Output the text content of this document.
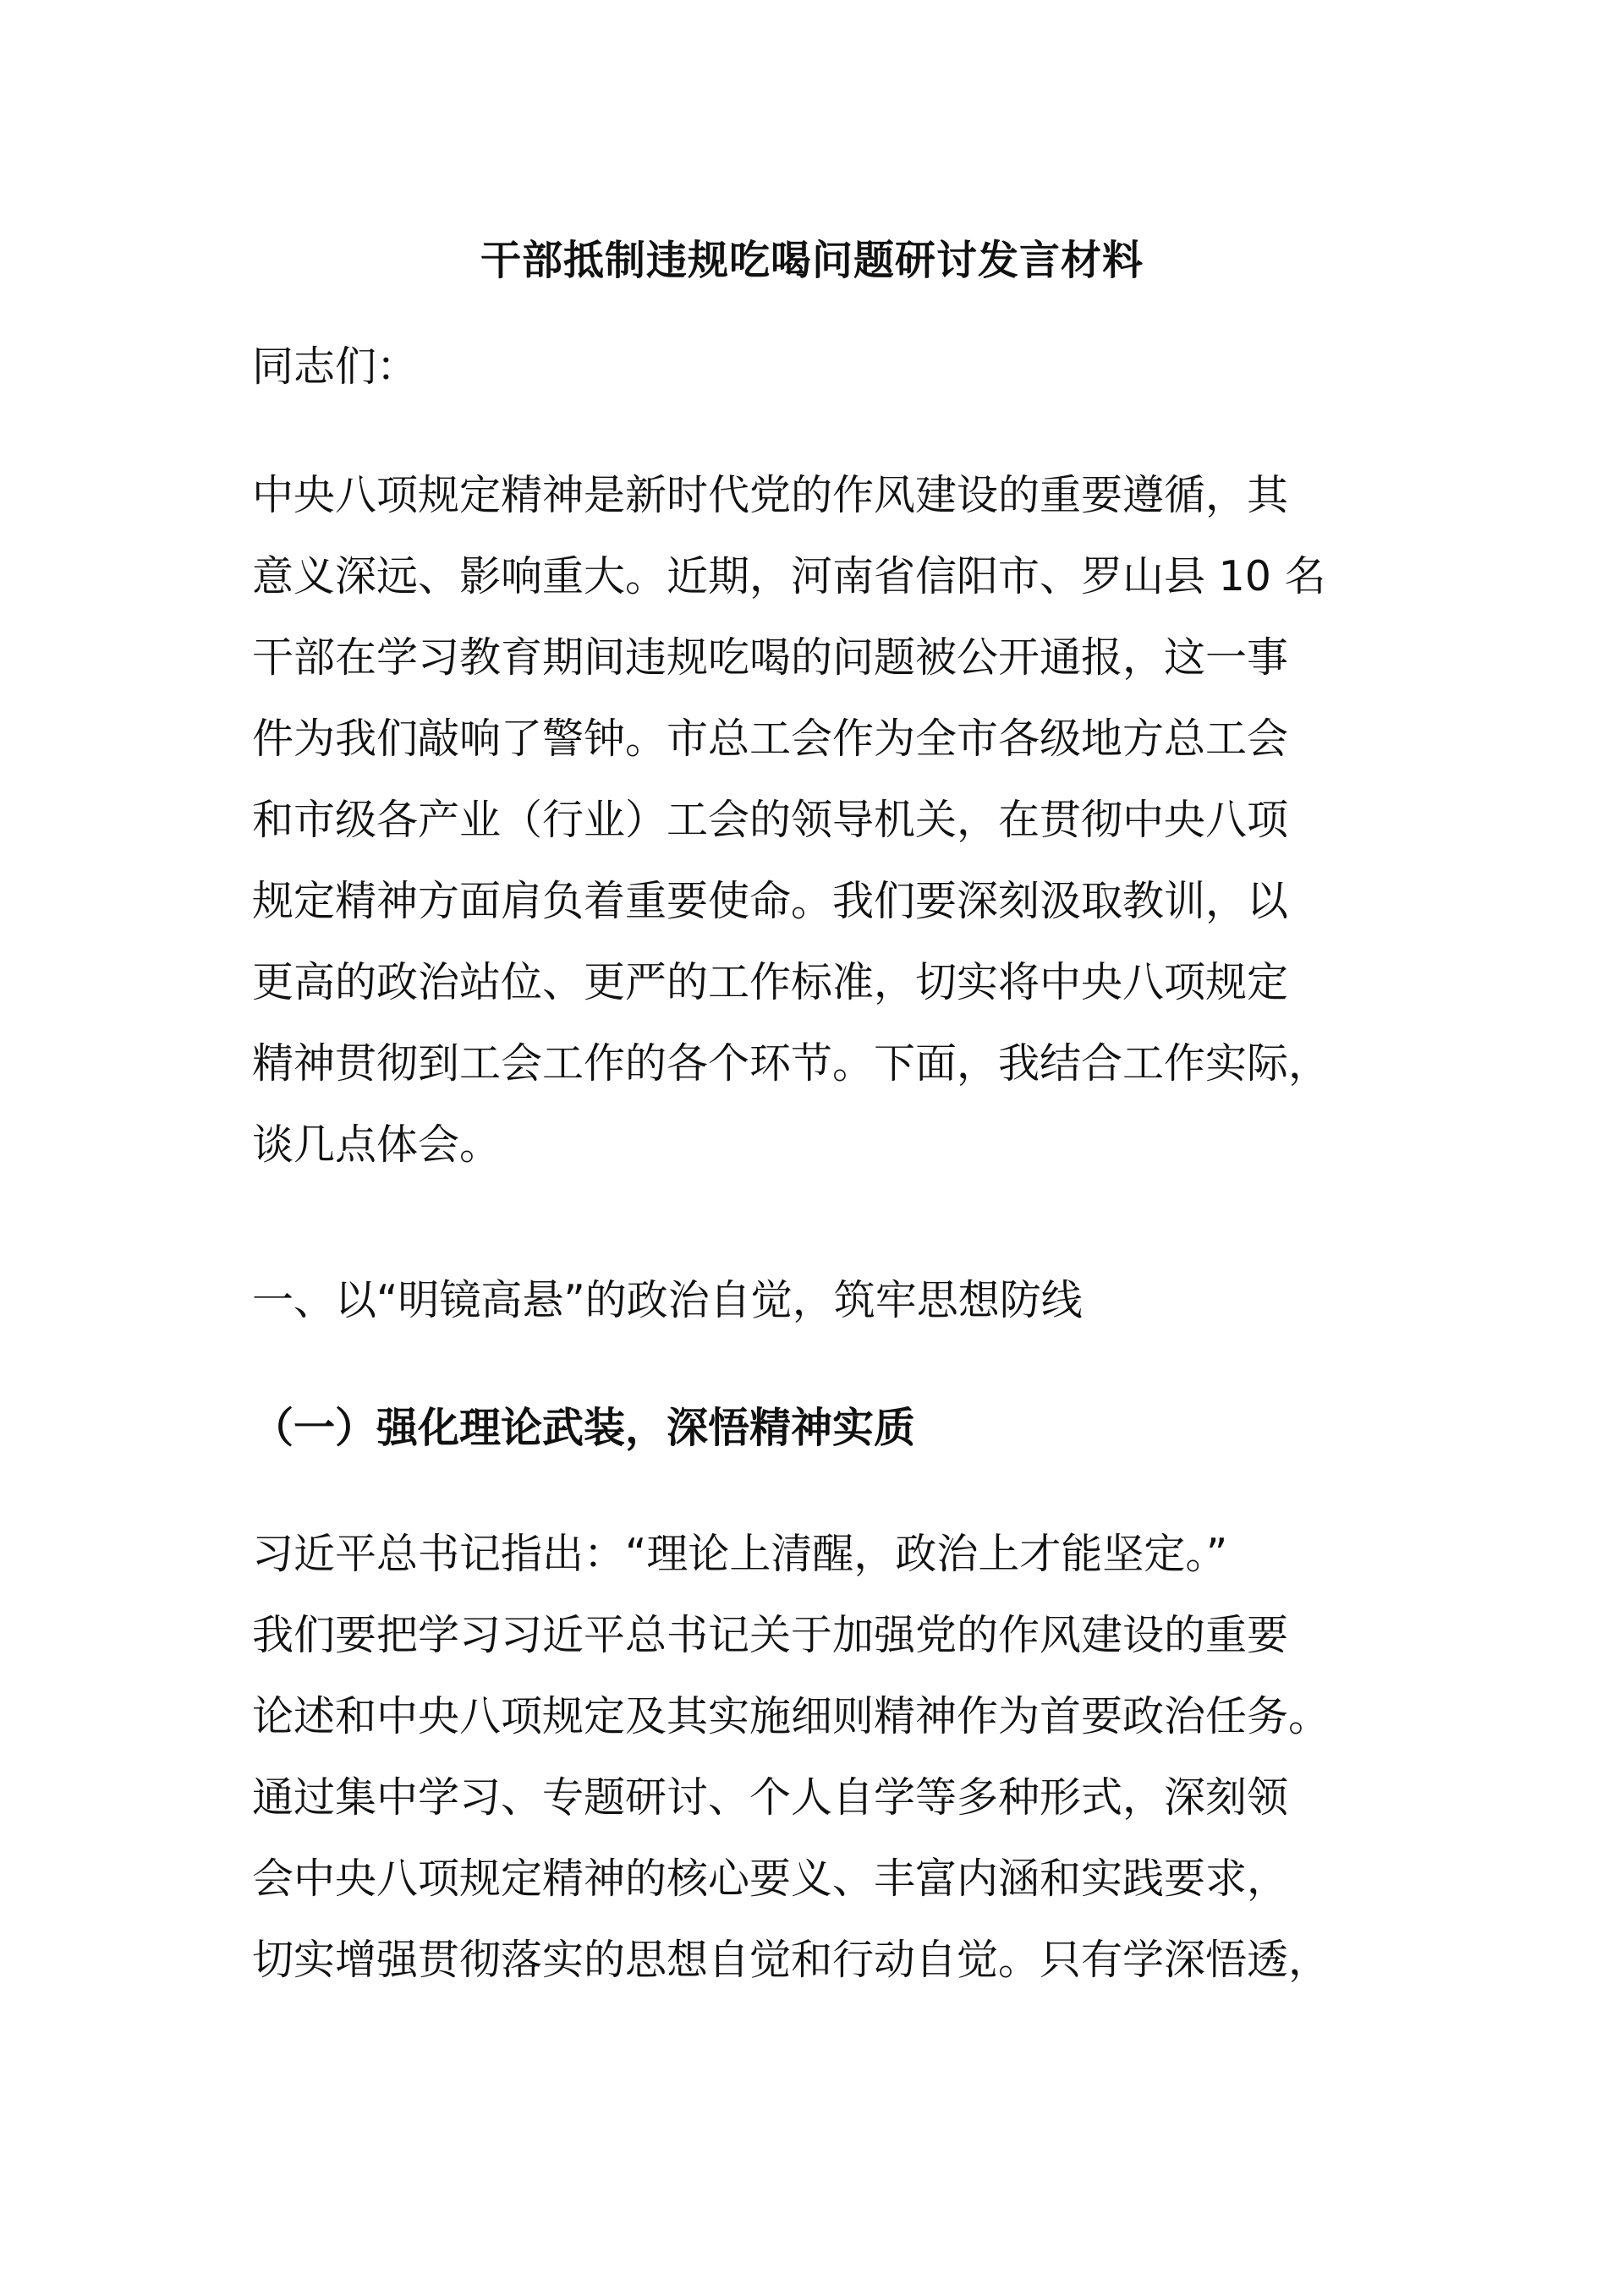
干部抵制违规吃喝问题研讨发言材料

同志们：

中央八项规定精神是新时代党的作风建设的重要遵循，其
意义深远、影响重大。近期，河南省信阳市、罗山县 10 名
干部在学习教育期间违规吃喝的问题被公开通报，这一事
件为我们敲响了警钟。市总工会作为全市各级地方总工会
和市级各产业（行业）工会的领导机关，在贯彻中央八项
规定精神方面肩负着重要使命。我们要深刻汲取教训，以
更高的政治站位、更严的工作标准，切实将中央八项规定
精神贯彻到工会工作的各个环节。下面，我结合工作实际，
谈几点体会。
一、以“明镜高悬”的政治自觉，筑牢思想防线
（一）强化理论武装，深悟精神实质
习近平总书记指出：“理论上清醒，政治上才能坚定。”
我们要把学习习近平总书记关于加强党的作风建设的重要
论述和中央八项规定及其实施细则精神作为首要政治任务。
通过集中学习、专题研讨、个人自学等多种形式，深刻领
会中央八项规定精神的核心要义、丰富内涵和实践要求，
切实增强贯彻落实的思想自觉和行动自觉。只有学深悟透，
